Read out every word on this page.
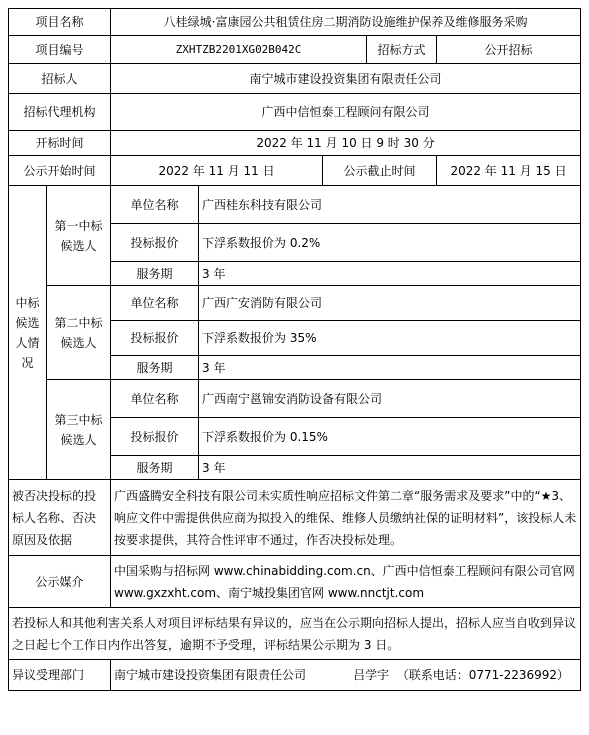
项目名称		八桂绿城·富康园公共租赁住房二期消防设施维护保养及维修服务采购				
项目编号		ZXHTZB2201XG02B042C			招标方式	公开招标
招标人		南宁城市建设投资集团有限责任公司				
招标代理机构		广西中信恒泰工程顾问有限公司				
开标时间		2022 年 11 月 10 日 9 时 30 分				
公示开始时间		2022 年 11 月 11 日		公示截止时间		2022 年 11 月 15 日
中标候选人情况	第一中标候选人	单位名称	广西桂东科技有限公司			
		投标报价	下浮系数报价为 0.2%			
		服务期	3 年			
	第二中标候选人	单位名称	广西广安消防有限公司			
		投标报价	下浮系数报价为 35%			
		服务期	3 年			
	第三中标候选人	单位名称	广西南宁邕锦安消防设备有限公司			
		投标报价	下浮系数报价为 0.15%			
		服务期	3 年			
被否决投标的投标人名称、否决原因及依据		广西盛腾安全科技有限公司未实质性响应招标文件第二章“服务需求及要求”中的“★3、响应文件中需提供供应商为拟投入的维保、维修人员缴纳社保的证明材料”，该投标人未按要求提供，其符合性评审不通过，作否决投标处理。				
公示媒介		中国采购与招标网 www.chinabidding.com.cn、广西中信恒泰工程顾问有限公司官网 www.gxzxht.com、南宁城投集团官网 www.nnctjt.com				
若投标人和其他利害关系人对项目评标结果有异议的，应当在公示期向招标人提出，招标人应当自收到异议之日起七个工作日内作出答复，逾期不予受理，评标结果公示期为 3 日。						
异议受理部门		南宁城市建设投资集团有限责任公司 吕学宇 （联系电话：0771-2236992）				
